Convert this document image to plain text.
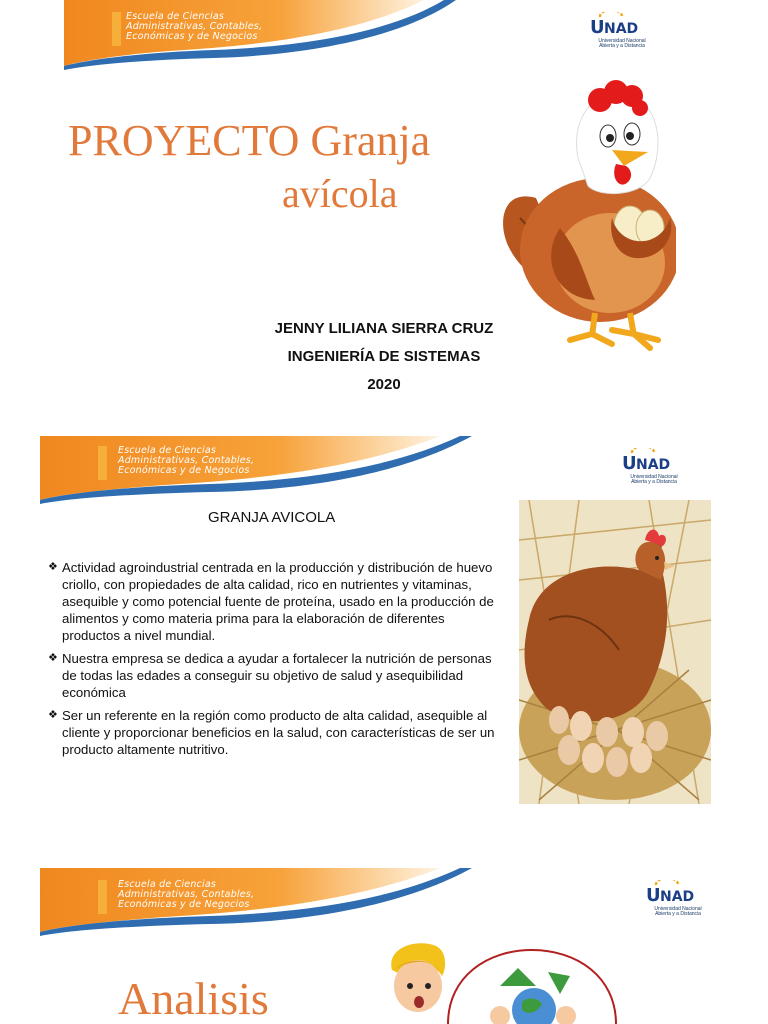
Escuela de Ciencias
Administrativas, Contables,
Económicas y de Negocios	U NAD
Universidad Nacional
Abierta y a Distancia
PROYECTO Granja
avícola
JENNY LILIANA SIERRA CRUZ
INGENIERÍA DE SISTEMAS
2020
Escuela de Ciencias
Administrativas, Contables,
Económicas y de Negocios	U NAD
Universidad Nacional
Abierta y a Distancia
GRANJA AVICOLA
❖ Actividad agroindustrial centrada en la producción y distribución de huevo criollo, con propiedades de alta calidad, rico en nutrientes y vitaminas, asequible y como potencial fuente de proteína, usado en la producción de alimentos y como materia prima para la elaboración de diferentes productos a nivel mundial.
❖ Nuestra empresa se dedica a ayudar a fortalecer la nutrición de personas de todas las edades a conseguir su objetivo de salud y asequibilidad económica
❖ Ser un referente en la región como producto de alta calidad, asequible al cliente y proporcionar beneficios en la salud, con características de ser un producto altamente nutritivo.
Escuela de Ciencias
Administrativas, Contables,
Económicas y de Negocios	U NAD
Universidad Nacional
Abierta y a Distancia
Analisis
